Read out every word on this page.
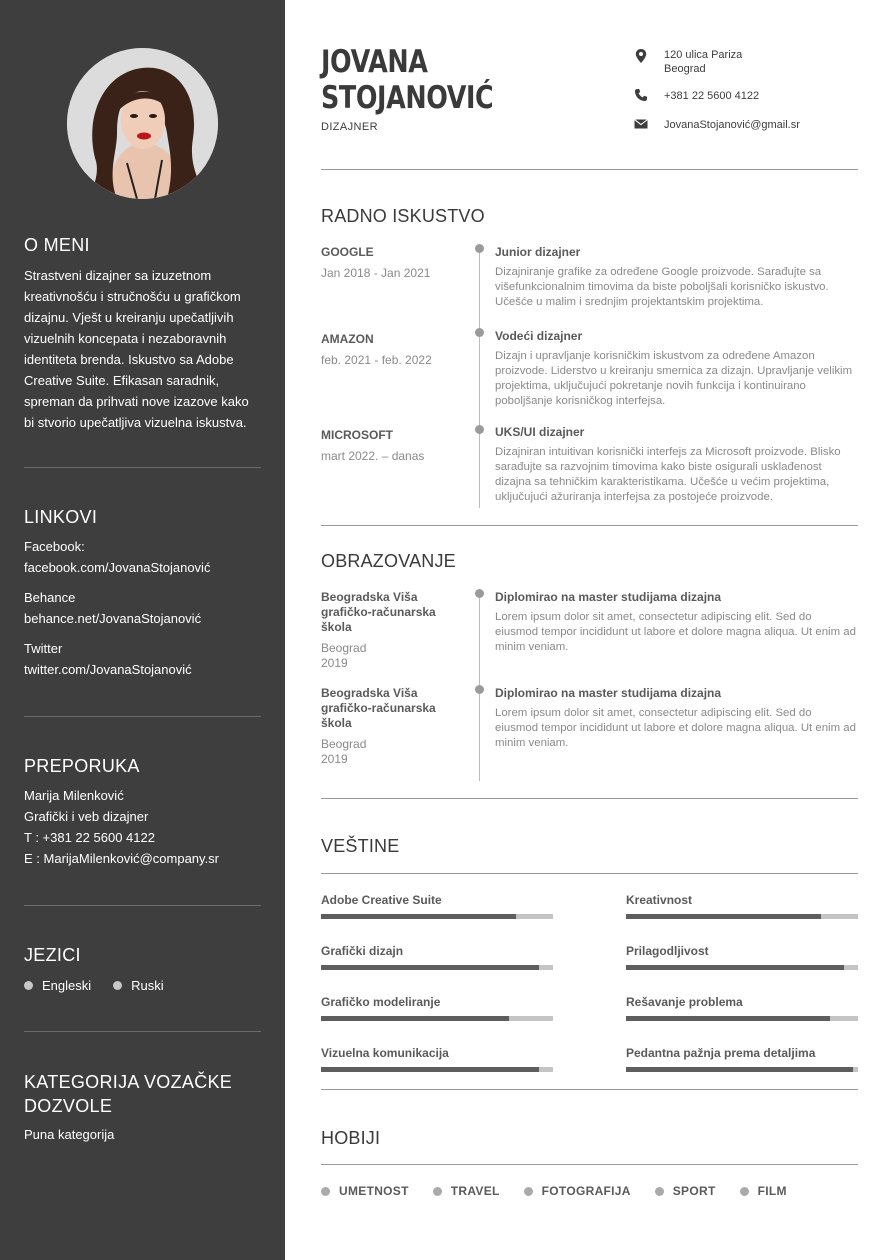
O MENI
Strastveni dizajner sa izuzetnom kreativnošću i stručnošću u grafičkom dizajnu. Vješt u kreiranju upečatljivih vizuelnih koncepata i nezaboravnih identiteta brenda. Iskustvo sa Adobe Creative Suite. Efikasan saradnik, spreman da prihvati nove izazove kako bi stvorio upečatljiva vizuelna iskustva.
LINKOVI
Facebook:
facebook.com/JovanaStojanović
Behance
behance.net/JovanaStojanović
Twitter
twitter.com/JovanaStojanović
PREPORUKA
Marija Milenković
Grafički i veb dizajner
T : +381 22 5600 4122
E : MarijaMilenković@company.sr
JEZICI
Engleski	Ruski
KATEGORIJA VOZAČKE DOZVOLE
Puna kategorija
JOVANA STOJANOVIĆ
DIZAJNER
120 ulica Pariza
Beograd
+381 22 5600 4122
JovanaStojanović@gmail.sr
RADNO ISKUSTVO
GOOGLE
Jan 2018 - Jan 2021
Junior dizajner
Dizajniranje grafike za određene Google proizvode. Sarađujte sa višefunkcionalnim timovima da biste poboljšali korisničko iskustvo. Učešće u malim i srednjim projektantskim projektima.
AMAZON
feb. 2021 - feb. 2022
Vodeći dizajner
Dizajn i upravljanje korisničkim iskustvom za određene Amazon proizvode. Liderstvo u kreiranju smernica za dizajn. Upravljanje velikim projektima, uključujući pokretanje novih funkcija i kontinuirano poboljšanje korisničkog interfejsa.
MICROSOFT
mart 2022. – danas
UKS/UI dizajner
Dizajniran intuitivan korisnički interfejs za Microsoft proizvode. Blisko sarađujte sa razvojnim timovima kako biste osigurali usklađenost dizajna sa tehničkim karakteristikama. Učešće u većim projektima, uključujući ažuriranja interfejsa za postojeće proizvode.
OBRAZOVANJE
Beogradska Viša grafičko-računarska škola
Beograd
2019
Diplomirao na master studijama dizajna
Lorem ipsum dolor sit amet, consectetur adipiscing elit. Sed do eiusmod tempor incididunt ut labore et dolore magna aliqua. Ut enim ad minim veniam.
Beogradska Viša grafičko-računarska škola
Beograd
2019
Diplomirao na master studijama dizajna
Lorem ipsum dolor sit amet, consectetur adipiscing elit. Sed do eiusmod tempor incididunt ut labore et dolore magna aliqua. Ut enim ad minim veniam.
VEŠTINE
Adobe Creative Suite	Kreativnost
Grafički dizajn	Prilagodljivost
Grafičko modeliranje	Rešavanje problema
Vizuelna komunikacija	Pedantna pažnja prema detaljima
HOBIJI
UMETNOST	TRAVEL	FOTOGRAFIJA	SPORT	FILM
